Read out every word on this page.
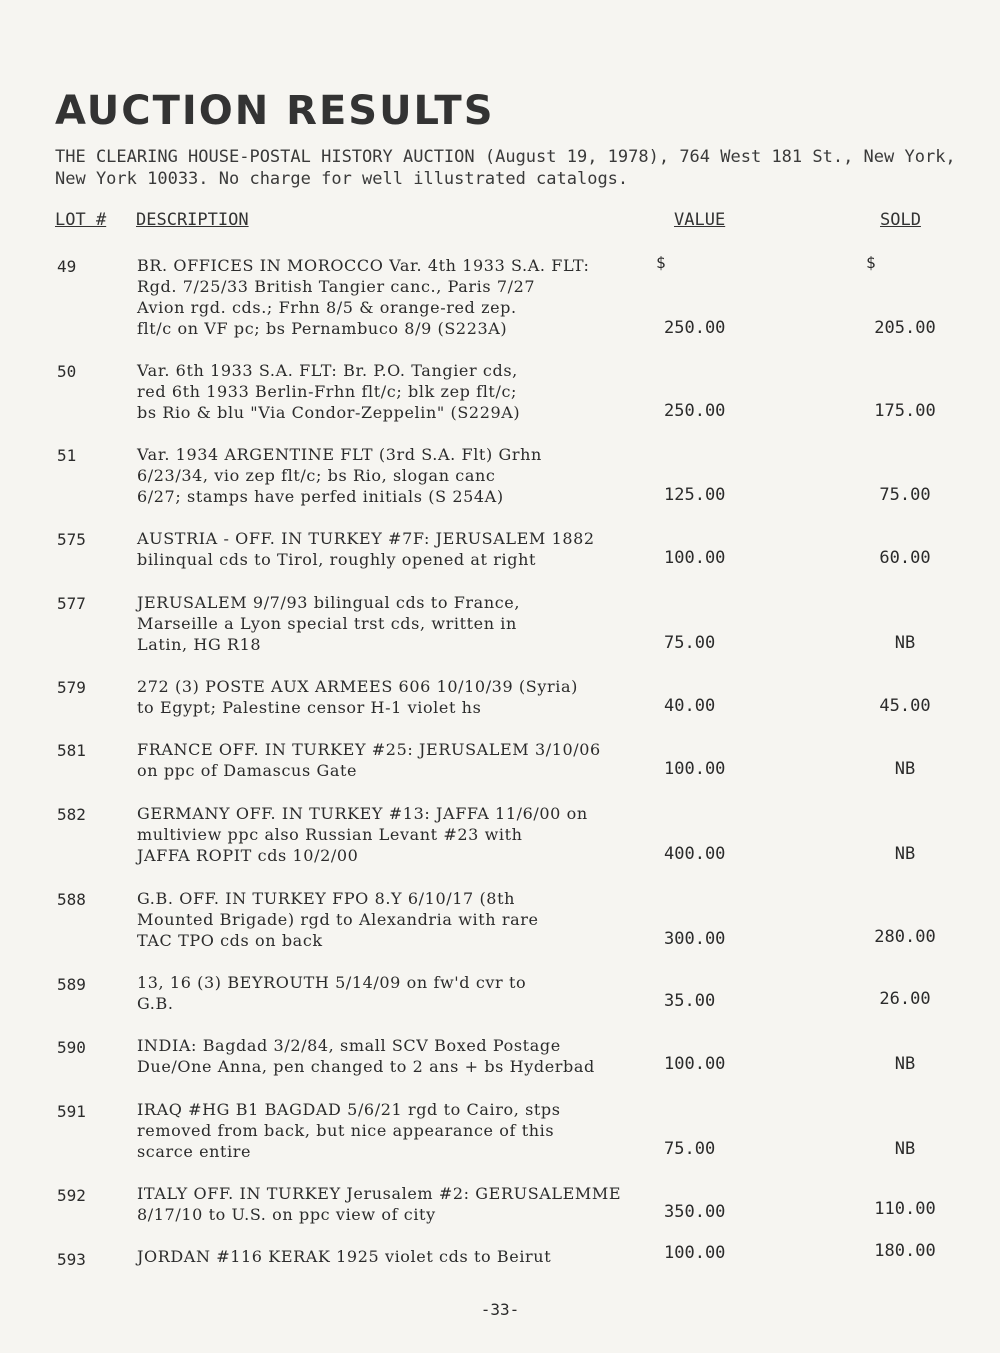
AUCTION RESULTS

THE CLEARING HOUSE-POSTAL HISTORY AUCTION (August 19, 1978), 764 West 181 St., New York, New York 10033. No charge for well illustrated catalogs.

LOT # DESCRIPTION	VALUE	SOLD
$	$
49	BR. OFFICES IN MOROCCO Var. 4th 1933 S.A. FLT:
Rgd. 7/25/33 British Tangier canc., Paris 7/27
Avion rgd. cds.; Frhn 8/5 & orange-red zep.
flt/c on VF pc; bs Pernambuco 8/9 (S223A)	250.00	205.00
50	Var. 6th 1933 S.A. FLT: Br. P.O. Tangier cds,
red 6th 1933 Berlin-Frhn flt/c; blk zep flt/c;
bs Rio & blu "Via Condor-Zeppelin" (S229A)	250.00	175.00
51	Var. 1934 ARGENTINE FLT (3rd S.A. Flt) Grhn
6/23/34, vio zep flt/c; bs Rio, slogan canc
6/27; stamps have perfed initials (S 254A)	125.00	75.00
575	AUSTRIA - OFF. IN TURKEY #7F: JERUSALEM 1882
bilinqual cds to Tirol, roughly opened at right	100.00	60.00
577	JERUSALEM 9/7/93 bilingual cds to France,
Marseille a Lyon special trst cds, written in
Latin, HG R18	75.00	NB
579	272 (3) POSTE AUX ARMEES 606 10/10/39 (Syria)
to Egypt; Palestine censor H-1 violet hs	40.00	45.00
581	FRANCE OFF. IN TURKEY #25: JERUSALEM 3/10/06
on ppc of Damascus Gate	100.00	NB
582	GERMANY OFF. IN TURKEY #13: JAFFA 11/6/00 on
multiview ppc also Russian Levant #23 with
JAFFA ROPIT cds 10/2/00	400.00	NB
588	G.B. OFF. IN TURKEY FPO 8.Y 6/10/17 (8th
Mounted Brigade) rgd to Alexandria with rare
TAC TPO cds on back	300.00	280.00
589	13, 16 (3) BEYROUTH 5/14/09 on fw'd cvr to
G.B.	35.00	26.00
590	INDIA: Bagdad 3/2/84, small SCV Boxed Postage
Due/One Anna, pen changed to 2 ans + bs Hyderbad	100.00	NB
591	IRAQ #HG B1 BAGDAD 5/6/21 rgd to Cairo, stps
removed from back, but nice appearance of this
scarce entire	75.00	NB
592	ITALY OFF. IN TURKEY Jerusalem #2: GERUSALEMME
8/17/10 to U.S. on ppc view of city	350.00	110.00
593	JORDAN #116 KERAK 1925 violet cds to Beirut	100.00	180.00
-33-
